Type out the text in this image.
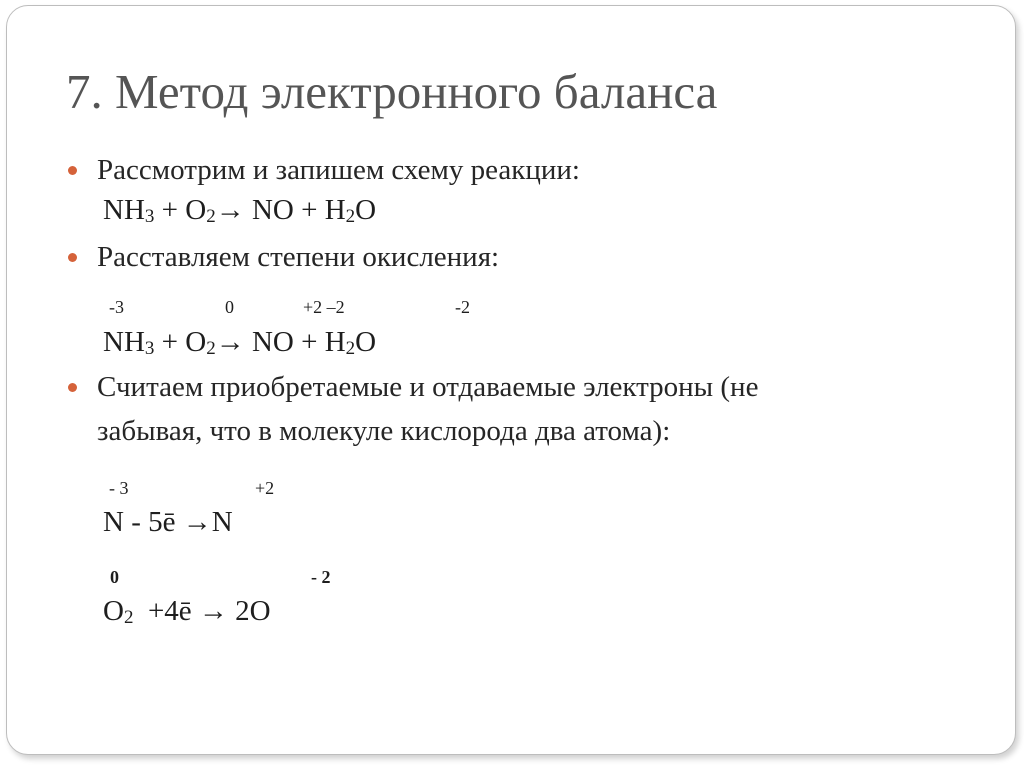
7. Метод электронного баланса
Рассмотрим и запишем схему реакции:
$NH_3 + O_2\to$ NO + $H_2O$
Расставляем степени окисления:
-3	0	+2 –2	-2
$NH_3 + O_2\to$ NO + $H_2O$
Считаем приобретаемые и отдаваемые электроны (не
забывая, что в молекуле кислорода два атома):
- 3	+2
N - 5ē →N
0	- 2
$O_2$  +4ē → 2O
